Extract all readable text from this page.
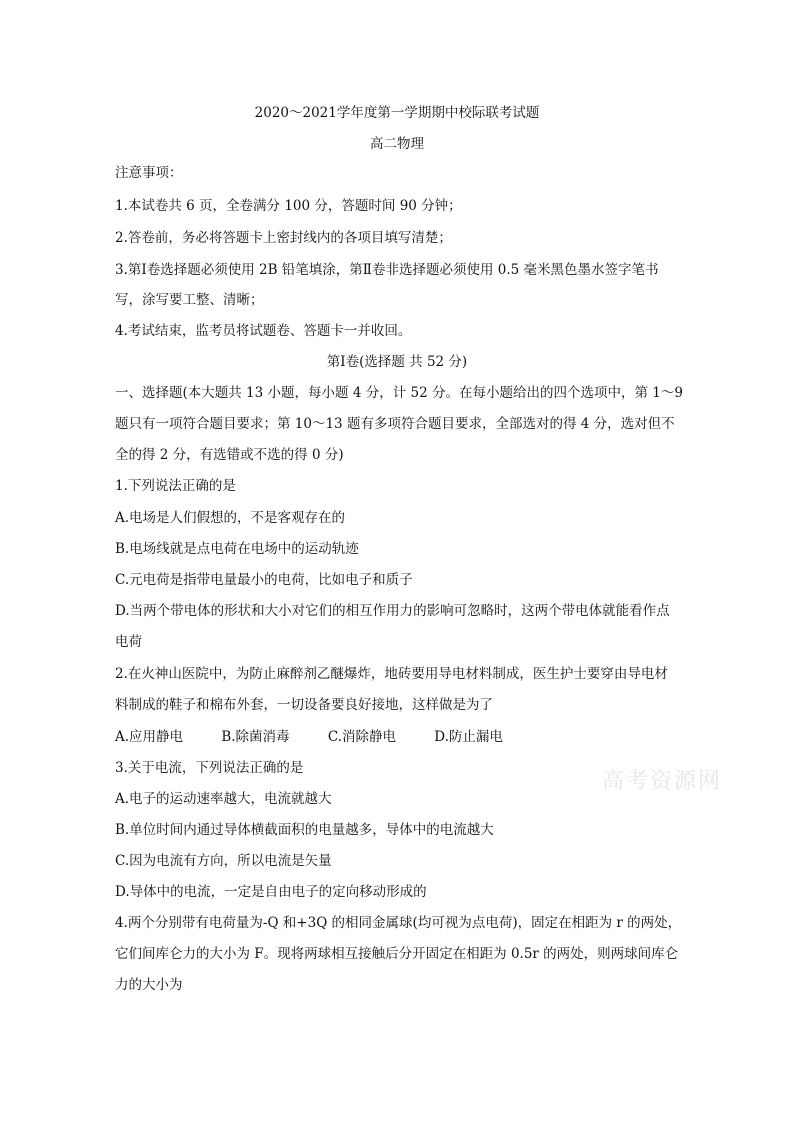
2020～2021学年度第一学期期中校际联考试题
高二物理
注意事项：
1.本试卷共 6 页，全卷满分 100 分，答题时间 90 分钟；
2.答卷前，务必将答题卡上密封线内的各项目填写清楚；
3.第Ⅰ卷选择题必须使用 2B 铅笔填涂，第Ⅱ卷非选择题必须使用 0.5 毫米黑色墨水签字笔书
写，涂写要工整、清晰；
4.考试结束，监考员将试题卷、答题卡一并收回。
第Ⅰ卷(选择题 共 52 分)
一、选择题(本大题共 13 小题，每小题 4 分，计 52 分。在每小题给出的四个选项中，第 1～9
题只有一项符合题目要求；第 10～13 题有多项符合题目要求，全部选对的得 4 分，选对但不
全的得 2 分，有选错或不选的得 0 分)
1.下列说法正确的是
A.电场是人们假想的，不是客观存在的
B.电场线就是点电荷在电场中的运动轨迹
C.元电荷是指带电量最小的电荷，比如电子和质子
D.当两个带电体的形状和大小对它们的相互作用力的影响可忽略时，这两个带电体就能看作点
电荷
2.在火神山医院中，为防止麻醉剂乙醚爆炸，地砖要用导电材料制成，医生护士要穿由导电材
料制成的鞋子和棉布外套，一切设备要良好接地，这样做是为了
A.应用静电	B.除菌消毒	C.消除静电	D.防止漏电
3.关于电流，下列说法正确的是
A.电子的运动速率越大，电流就越大
B.单位时间内通过导体横截面积的电量越多，导体中的电流越大
C.因为电流有方向，所以电流是矢量
D.导体中的电流，一定是自由电子的定向移动形成的
4.两个分别带有电荷量为-Q 和+3Q 的相同金属球(均可视为点电荷)，固定在相距为 r 的两处，
它们间库仑力的大小为 F。现将两球相互接触后分开固定在相距为 0.5r 的两处，则两球间库仑
力的大小为
高考资源网
